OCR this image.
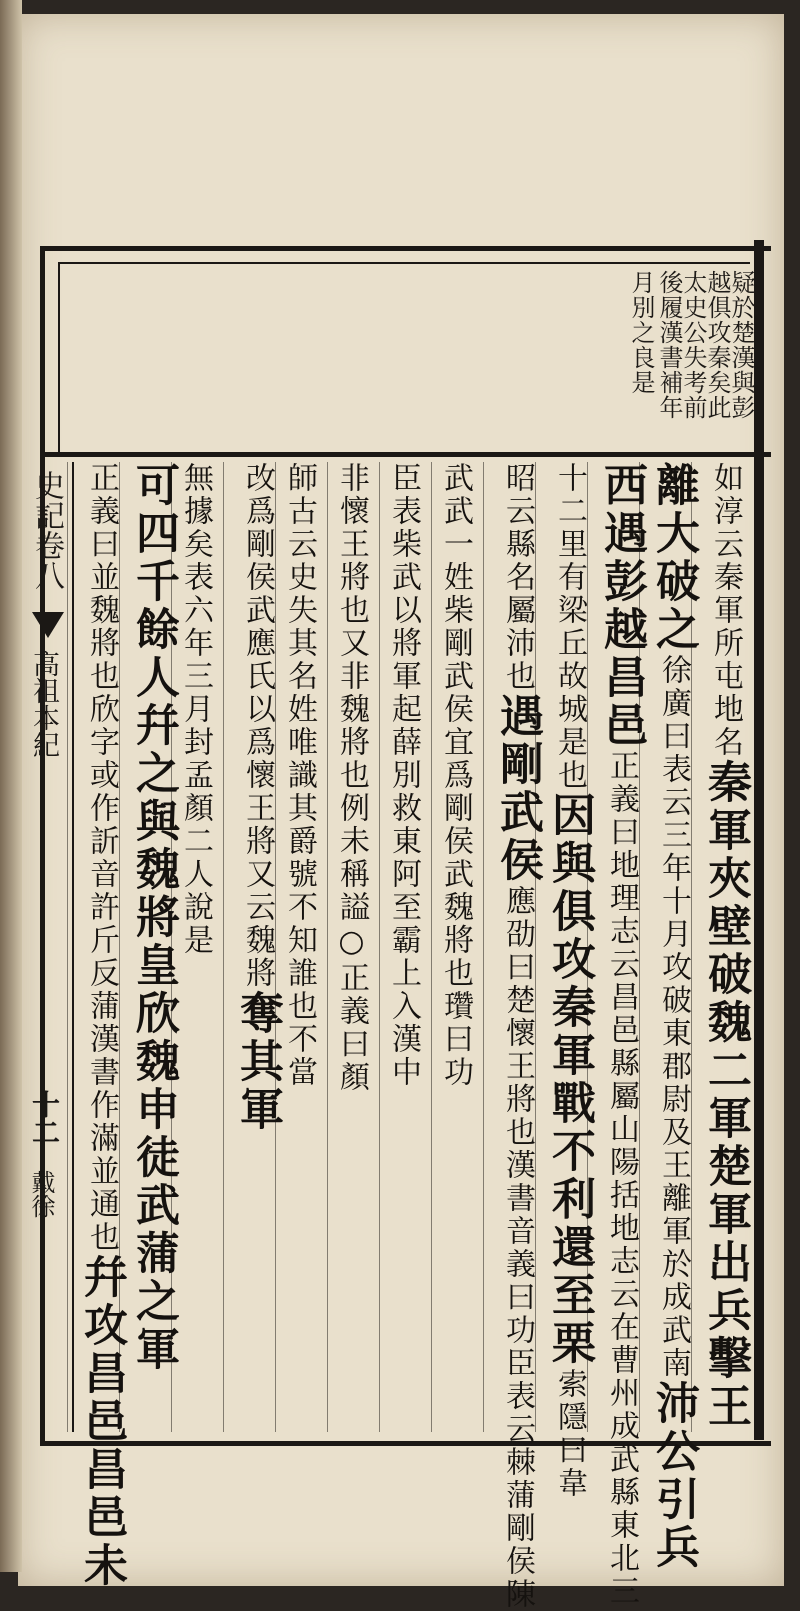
疑於楚漢與彭
越俱攻秦矣此
太史公失考前
後履漢書補年
月別之良是
史記卷八
高祖本紀
十二
戴徐
如淳云秦軍所屯地名秦軍夾壁破魏二軍楚軍出兵擊王
離大破之徐廣曰表云三年十月攻破東郡尉及王離軍於成武南沛公引兵
西遇彭越昌邑正義曰地理志云昌邑縣屬山陽括地志云在曹州成武縣東北三
十二里有梁丘故城是也因與俱攻秦軍戰不利還至栗索隱曰韋
昭云縣名屬沛也遇剛武侯應劭曰楚懷王將也漢書音義曰功臣表云棘蒲剛侯陳
武武一姓柴剛武侯宜爲剛侯武魏將也瓚曰功
臣表柴武以將軍起薛別救東阿至霸上入漢中
非懷王將也又非魏將也例未稱謚○正義曰顏
師古云史失其名姓唯識其爵號不知誰也不當
改爲剛侯武應氏以爲懷王將又云魏將奪其軍
無據矣表六年三月封孟顏二人說是
可四千餘人幷之與魏將皇欣魏申徒武蒲之軍
正義曰並魏將也欣字或作訢音許斤反蒲漢書作滿並通也幷攻昌邑昌邑未
